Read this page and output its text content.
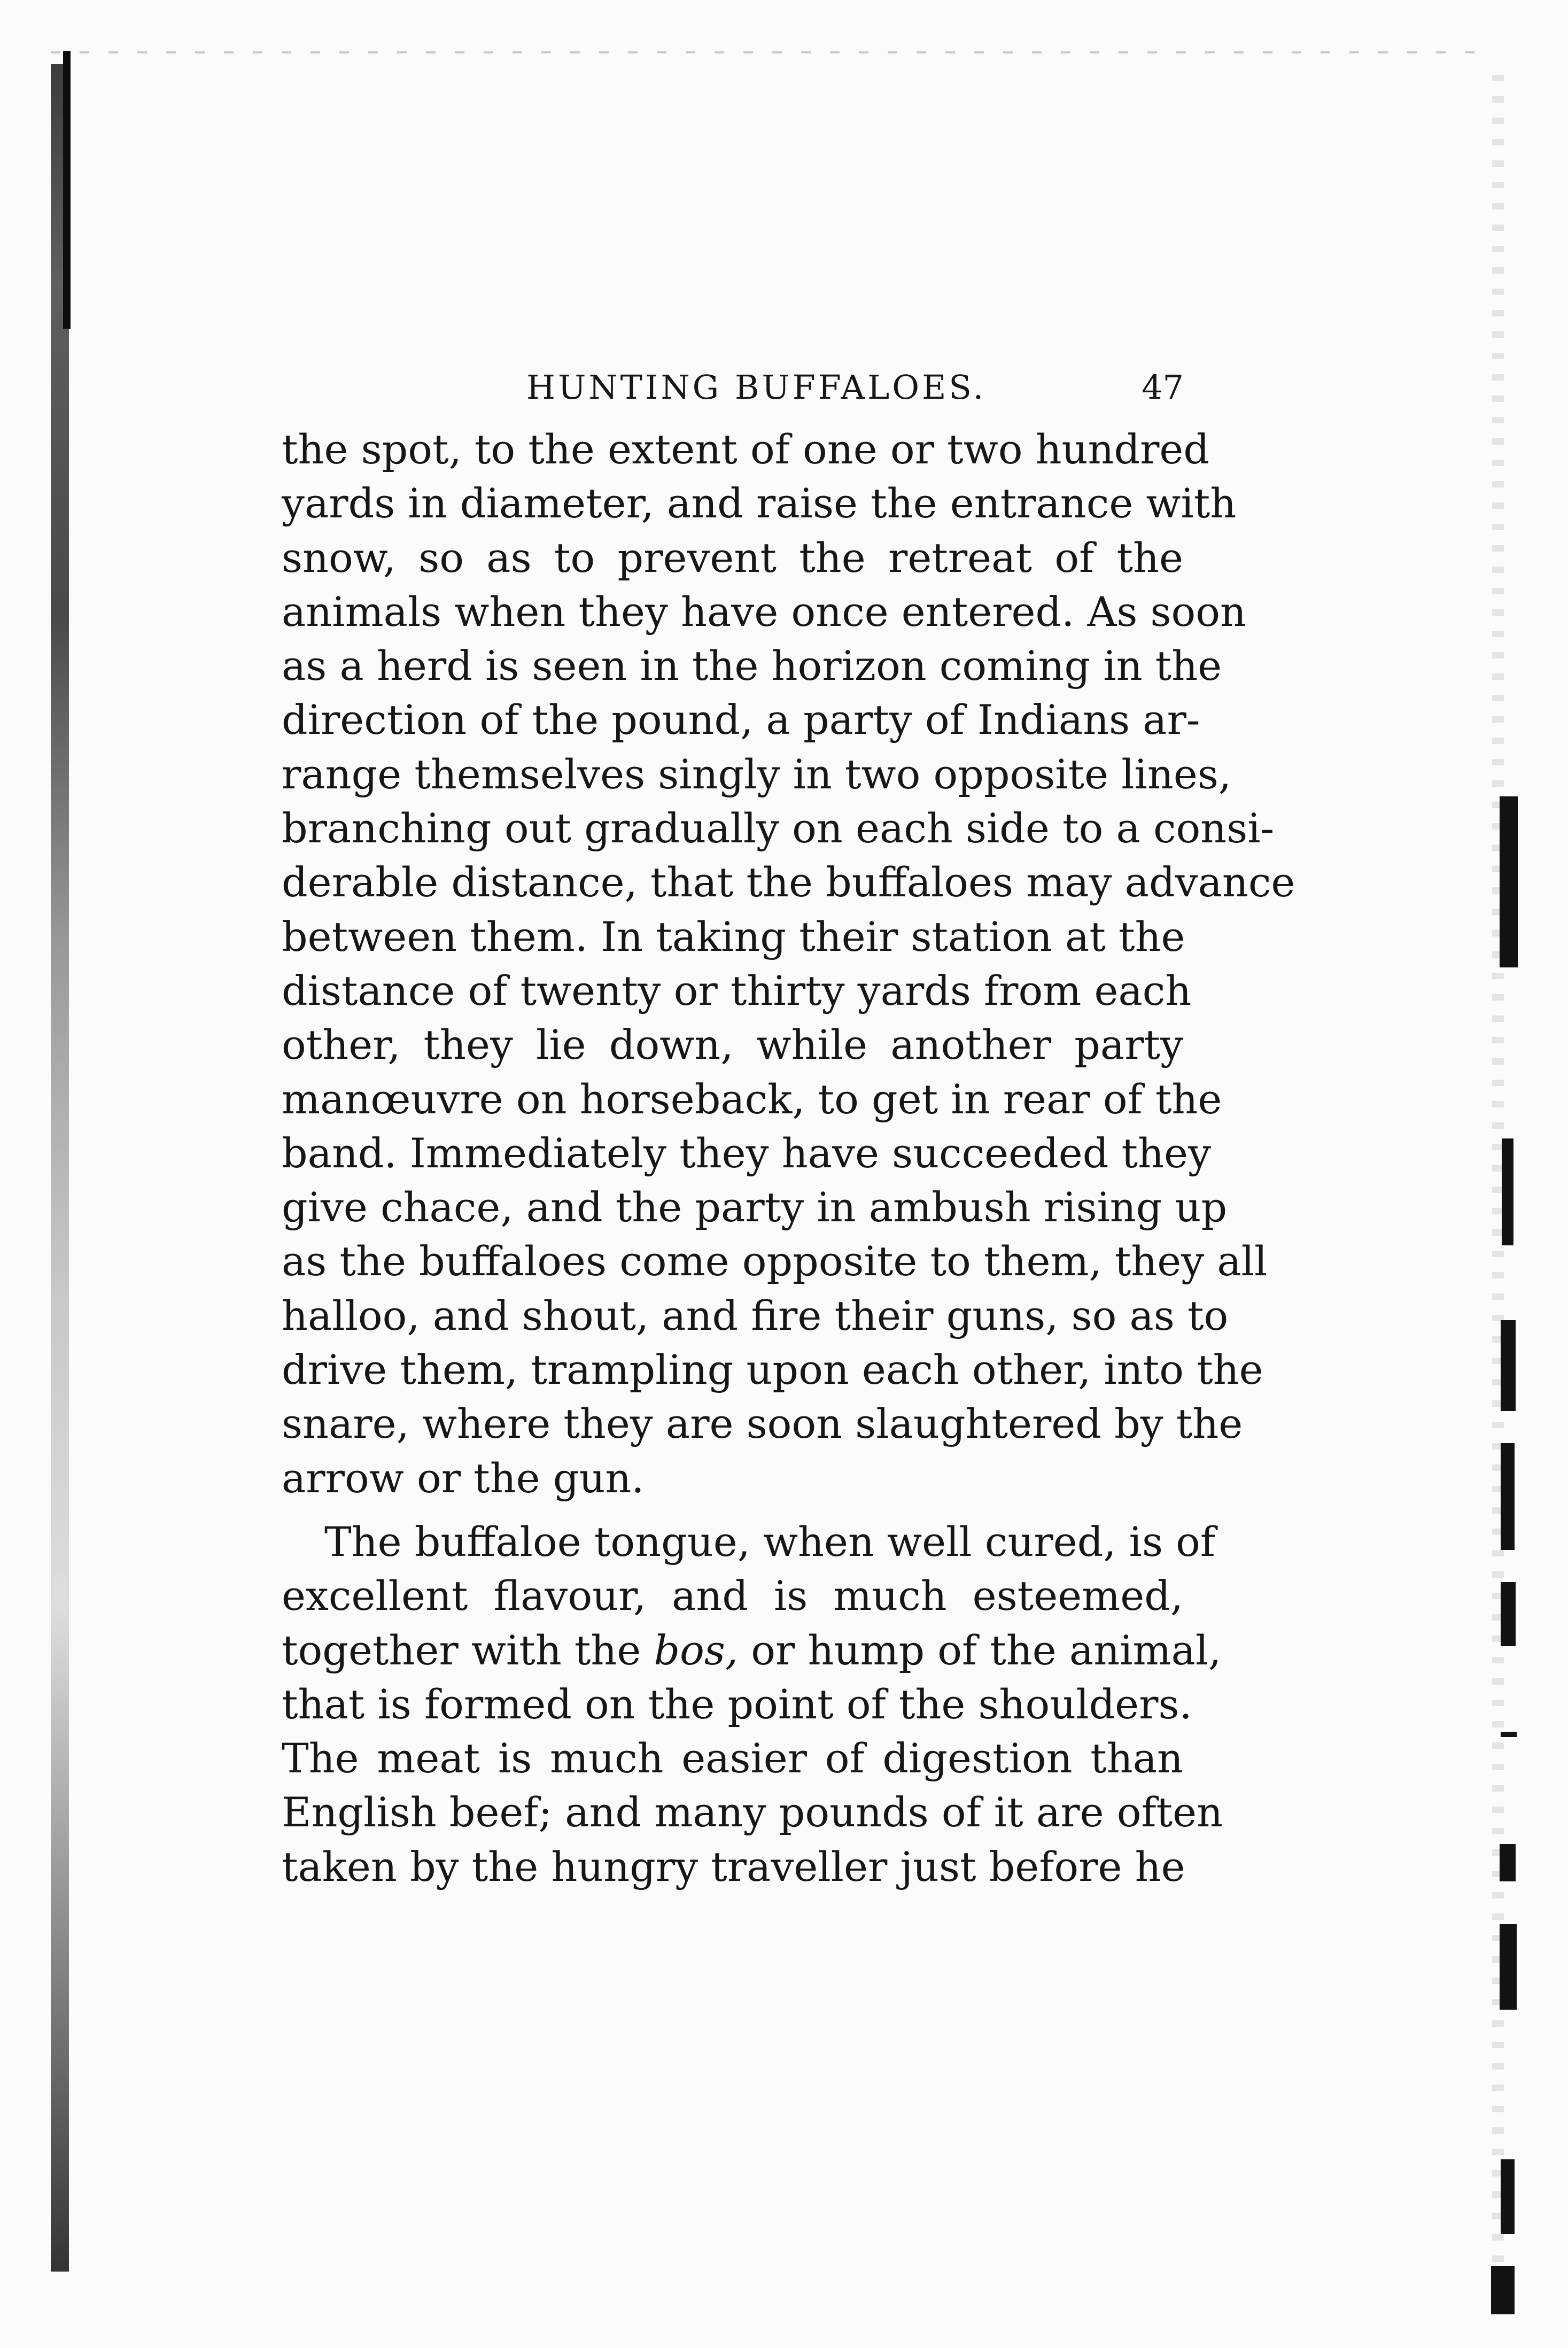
HUNTING BUFFALOES.	47
the spot, to the extent of one or two hundred
yards in diameter, and raise the entrance with
snow, so as to prevent the retreat of the
animals when they have once entered. As soon
as a herd is seen in the horizon coming in the
direction of the pound, a party of Indians ar-
range themselves singly in two opposite lines,
branching out gradually on each side to a consi-
derable distance, that the buffaloes may advance
between them. In taking their station at the
distance of twenty or thirty yards from each
other, they lie down, while another party
manœuvre on horseback, to get in rear of the
band. Immediately they have succeeded they
give chace, and the party in ambush rising up
as the buffaloes come opposite to them, they all
halloo, and shout, and fire their guns, so as to
drive them, trampling upon each other, into the
snare, where they are soon slaughtered by the
arrow or the gun.
The buffaloe tongue, when well cured, is of
excellent flavour, and is much esteemed,
together with the bos, or hump of the animal,
that is formed on the point of the shoulders.
The meat is much easier of digestion than
English beef; and many pounds of it are often
taken by the hungry traveller just before he
